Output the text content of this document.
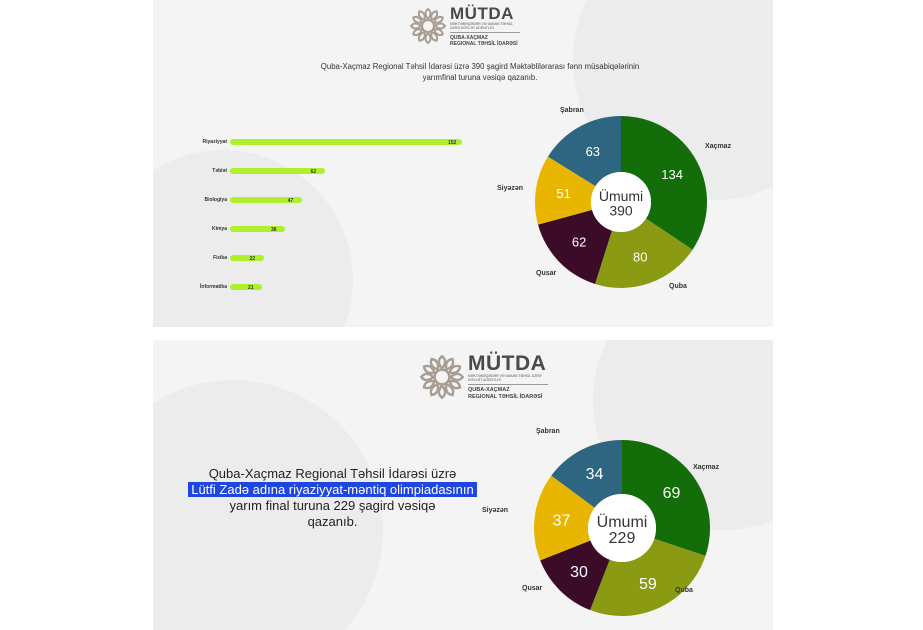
MÜTDA
MƏKTƏBƏQƏDƏR VƏ ÜMUMİ TƏHSİL ÜZRƏ DÖVLƏT AGENTLİYİ
QUBA-XAÇMAZ
REGIONAL TƏHSİL İDARƏSİ
Quba-Xaçmaz Regional Təhsil İdarəsi üzrə 390 şagird Məktəblilərarası fənn müsabiqələrinin
yarımfinal turuna vəsiqə qazanıb.
Riyaziyyat	152
Təbiət	62
Biologiya	47
Kimya	36
Fizika	22
İnformatika	21
134
80
62
51
63
Ümumi
390
Xaçmaz
Quba
Qusar
Siyəzən
Şabran
MÜTDA
MƏKTƏBƏQƏDƏR VƏ ÜMUMİ TƏHSİL ÜZRƏ DÖVLƏT AGENTLİYİ
QUBA-XAÇMAZ
REGIONAL TƏHSİL İDARƏSİ
Quba-Xaçmaz Regional Təhsil İdarəsi üzrə
Lütfi Zadə adına riyaziyyat-məntiq olimpiadasının
yarım final turuna 229 şagird vəsiqə
qazanıb.
69
59
30
37
34
Ümumi
229
Xaçmaz
Quba
Qusar
Siyəzən
Şabran
